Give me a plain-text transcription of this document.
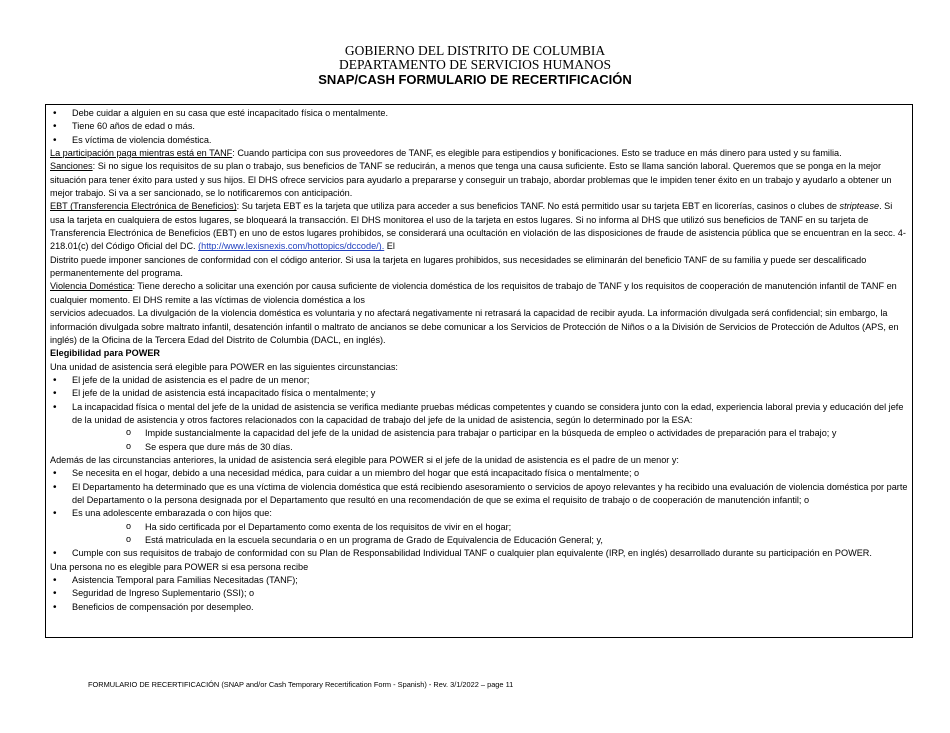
GOBIERNO DEL DISTRITO DE COLUMBIA
DEPARTAMENTO DE SERVICIOS HUMANOS
SNAP/CASH FORMULARIO DE RECERTIFICACIÓN

• Debe cuidar a alguien en su casa que esté incapacitado física o mentalmente.

• Tiene 60 años de edad o más.

• Es víctima de violencia doméstica.

La participación paga mientras está en TANF: Cuando participa con sus proveedores de TANF, es elegible para estipendios y bonificaciones. Esto se traduce en más dinero para usted y su familia.

Sanciones: Si no sigue los requisitos de su plan o trabajo, sus beneficios de TANF se reducirán, a menos que tenga una causa suficiente. Esto se llama sanción laboral. Queremos que se ponga en la mejor situación para tener éxito para usted y sus hijos. El DHS ofrece servicios para ayudarlo a prepararse y conseguir un trabajo, abordar problemas que le impiden tener éxito en un trabajo y ayudarlo a obtener un mejor trabajo. Si va a ser sancionado, se lo notificaremos con anticipación.

EBT (Transferencia Electrónica de Beneficios): Su tarjeta EBT es la tarjeta que utiliza para acceder a sus beneficios TANF. No está permitido usar su tarjeta EBT en licorerías, casinos o clubes de striptease. Si usa la tarjeta en cualquiera de estos lugares, se bloqueará la transacción. El DHS monitorea el uso de la tarjeta en estos lugares. Si no informa al DHS que utilizó sus beneficios de TANF en su tarjeta de Transferencia Electrónica de Beneficios (EBT) en uno de estos lugares prohibidos, se considerará una ocultación en violación de las disposiciones de fraude de asistencia pública que se encuentran en la secc. 4-218.01(c) del Código Oficial del DC. (http://www.lexisnexis.com/hottopics/dccode/). El

Distrito puede imponer sanciones de conformidad con el código anterior. Si usa la tarjeta en lugares prohibidos, sus necesidades se eliminarán del beneficio TANF de su familia y puede ser descalificado permanentemente del programa.

Violencia Doméstica: Tiene derecho a solicitar una exención por causa suficiente de violencia doméstica de los requisitos de trabajo de TANF y los requisitos de cooperación de manutención infantil de TANF en cualquier momento. El DHS remite a las víctimas de violencia doméstica a los

servicios adecuados. La divulgación de la violencia doméstica es voluntaria y no afectará negativamente ni retrasará la capacidad de recibir ayuda. La información divulgada será confidencial; sin embargo, la información divulgada sobre maltrato infantil, desatención infantil o maltrato de ancianos se debe comunicar a los Servicios de Protección de Niños o a la División de Servicios de Protección de Adultos (APS, en inglés) de la Oficina de la Tercera Edad del Distrito de Columbia (DACL, en inglés).

Elegibilidad para POWER

Una unidad de asistencia será elegible para POWER en las siguientes circunstancias:

• El jefe de la unidad de asistencia es el padre de un menor;

• El jefe de la unidad de asistencia está incapacitado física o mentalmente; y

• La incapacidad física o mental del jefe de la unidad de asistencia se verifica mediante pruebas médicas competentes y cuando se considera junto con la edad, experiencia laboral previa y educación del jefe de la unidad de asistencia y otros factores relacionados con la capacidad de trabajo del jefe de la unidad de asistencia, según lo determinado por la ESA:

o Impide sustancialmente la capacidad del jefe de la unidad de asistencia para trabajar o participar en la búsqueda de empleo o actividades de preparación para el trabajo; y

o Se espera que dure más de 30 días.

Además de las circunstancias anteriores, la unidad de asistencia será elegible para POWER si el jefe de la unidad de asistencia es el padre de un menor y:

• Se necesita en el hogar, debido a una necesidad médica, para cuidar a un miembro del hogar que está incapacitado física o mentalmente; o

• El Departamento ha determinado que es una víctima de violencia doméstica que está recibiendo asesoramiento o servicios de apoyo relevantes y ha recibido una evaluación de violencia doméstica por parte del Departamento o la persona designada por el Departamento que resultó en una recomendación de que se exima el requisito de trabajo o de cooperación de manutención infantil; o

• Es una adolescente embarazada o con hijos que:

o Ha sido certificada por el Departamento como exenta de los requisitos de vivir en el hogar;

o Está matriculada en la escuela secundaria o en un programa de Grado de Equivalencia de Educación General; y,

• Cumple con sus requisitos de trabajo de conformidad con su Plan de Responsabilidad Individual TANF o cualquier plan equivalente (IRP, en inglés) desarrollado durante su participación en POWER.

Una persona no es elegible para POWER si esa persona recibe

• Asistencia Temporal para Familias Necesitadas (TANF);

• Seguridad de Ingreso Suplementario (SSI); o

• Beneficios de compensación por desempleo.

FORMULARIO DE RECERTIFICACIÓN (SNAP and/or Cash Temporary Recertification Form - Spanish) - Rev. 3/1/2022 – page 11
